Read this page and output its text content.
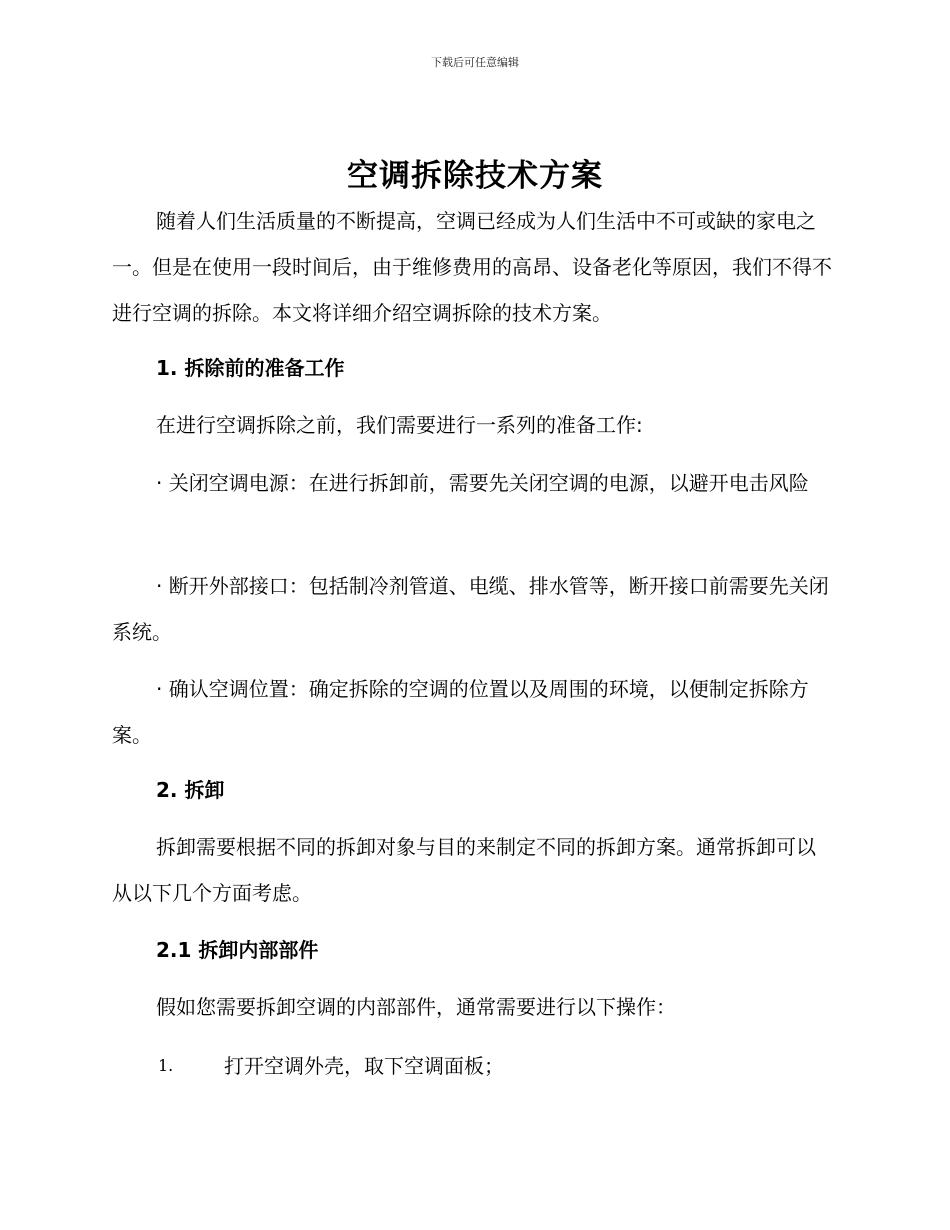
下载后可任意编辑
空调拆除技术方案

随着人们生活质量的不断提高，空调已经成为人们生活中不可或缺的家电之一。但是在使用一段时间后，由于维修费用的高昂、设备老化等原因，我们不得不进行空调的拆除。本文将详细介绍空调拆除的技术方案。

1. 拆除前的准备工作

在进行空调拆除之前，我们需要进行一系列的准备工作:

· 关闭空调电源：在进行拆卸前，需要先关闭空调的电源，以避开电击风险

· 断开外部接口：包括制冷剂管道、电缆、排水管等，断开接口前需要先关闭系统。

· 确认空调位置：确定拆除的空调的位置以及周围的环境，以便制定拆除方案。

2. 拆卸

拆卸需要根据不同的拆卸对象与目的来制定不同的拆卸方案。通常拆卸可以从以下几个方面考虑。

2.1 拆卸内部部件

假如您需要拆卸空调的内部部件，通常需要进行以下操作：

1.	打开空调外壳，取下空调面板；
